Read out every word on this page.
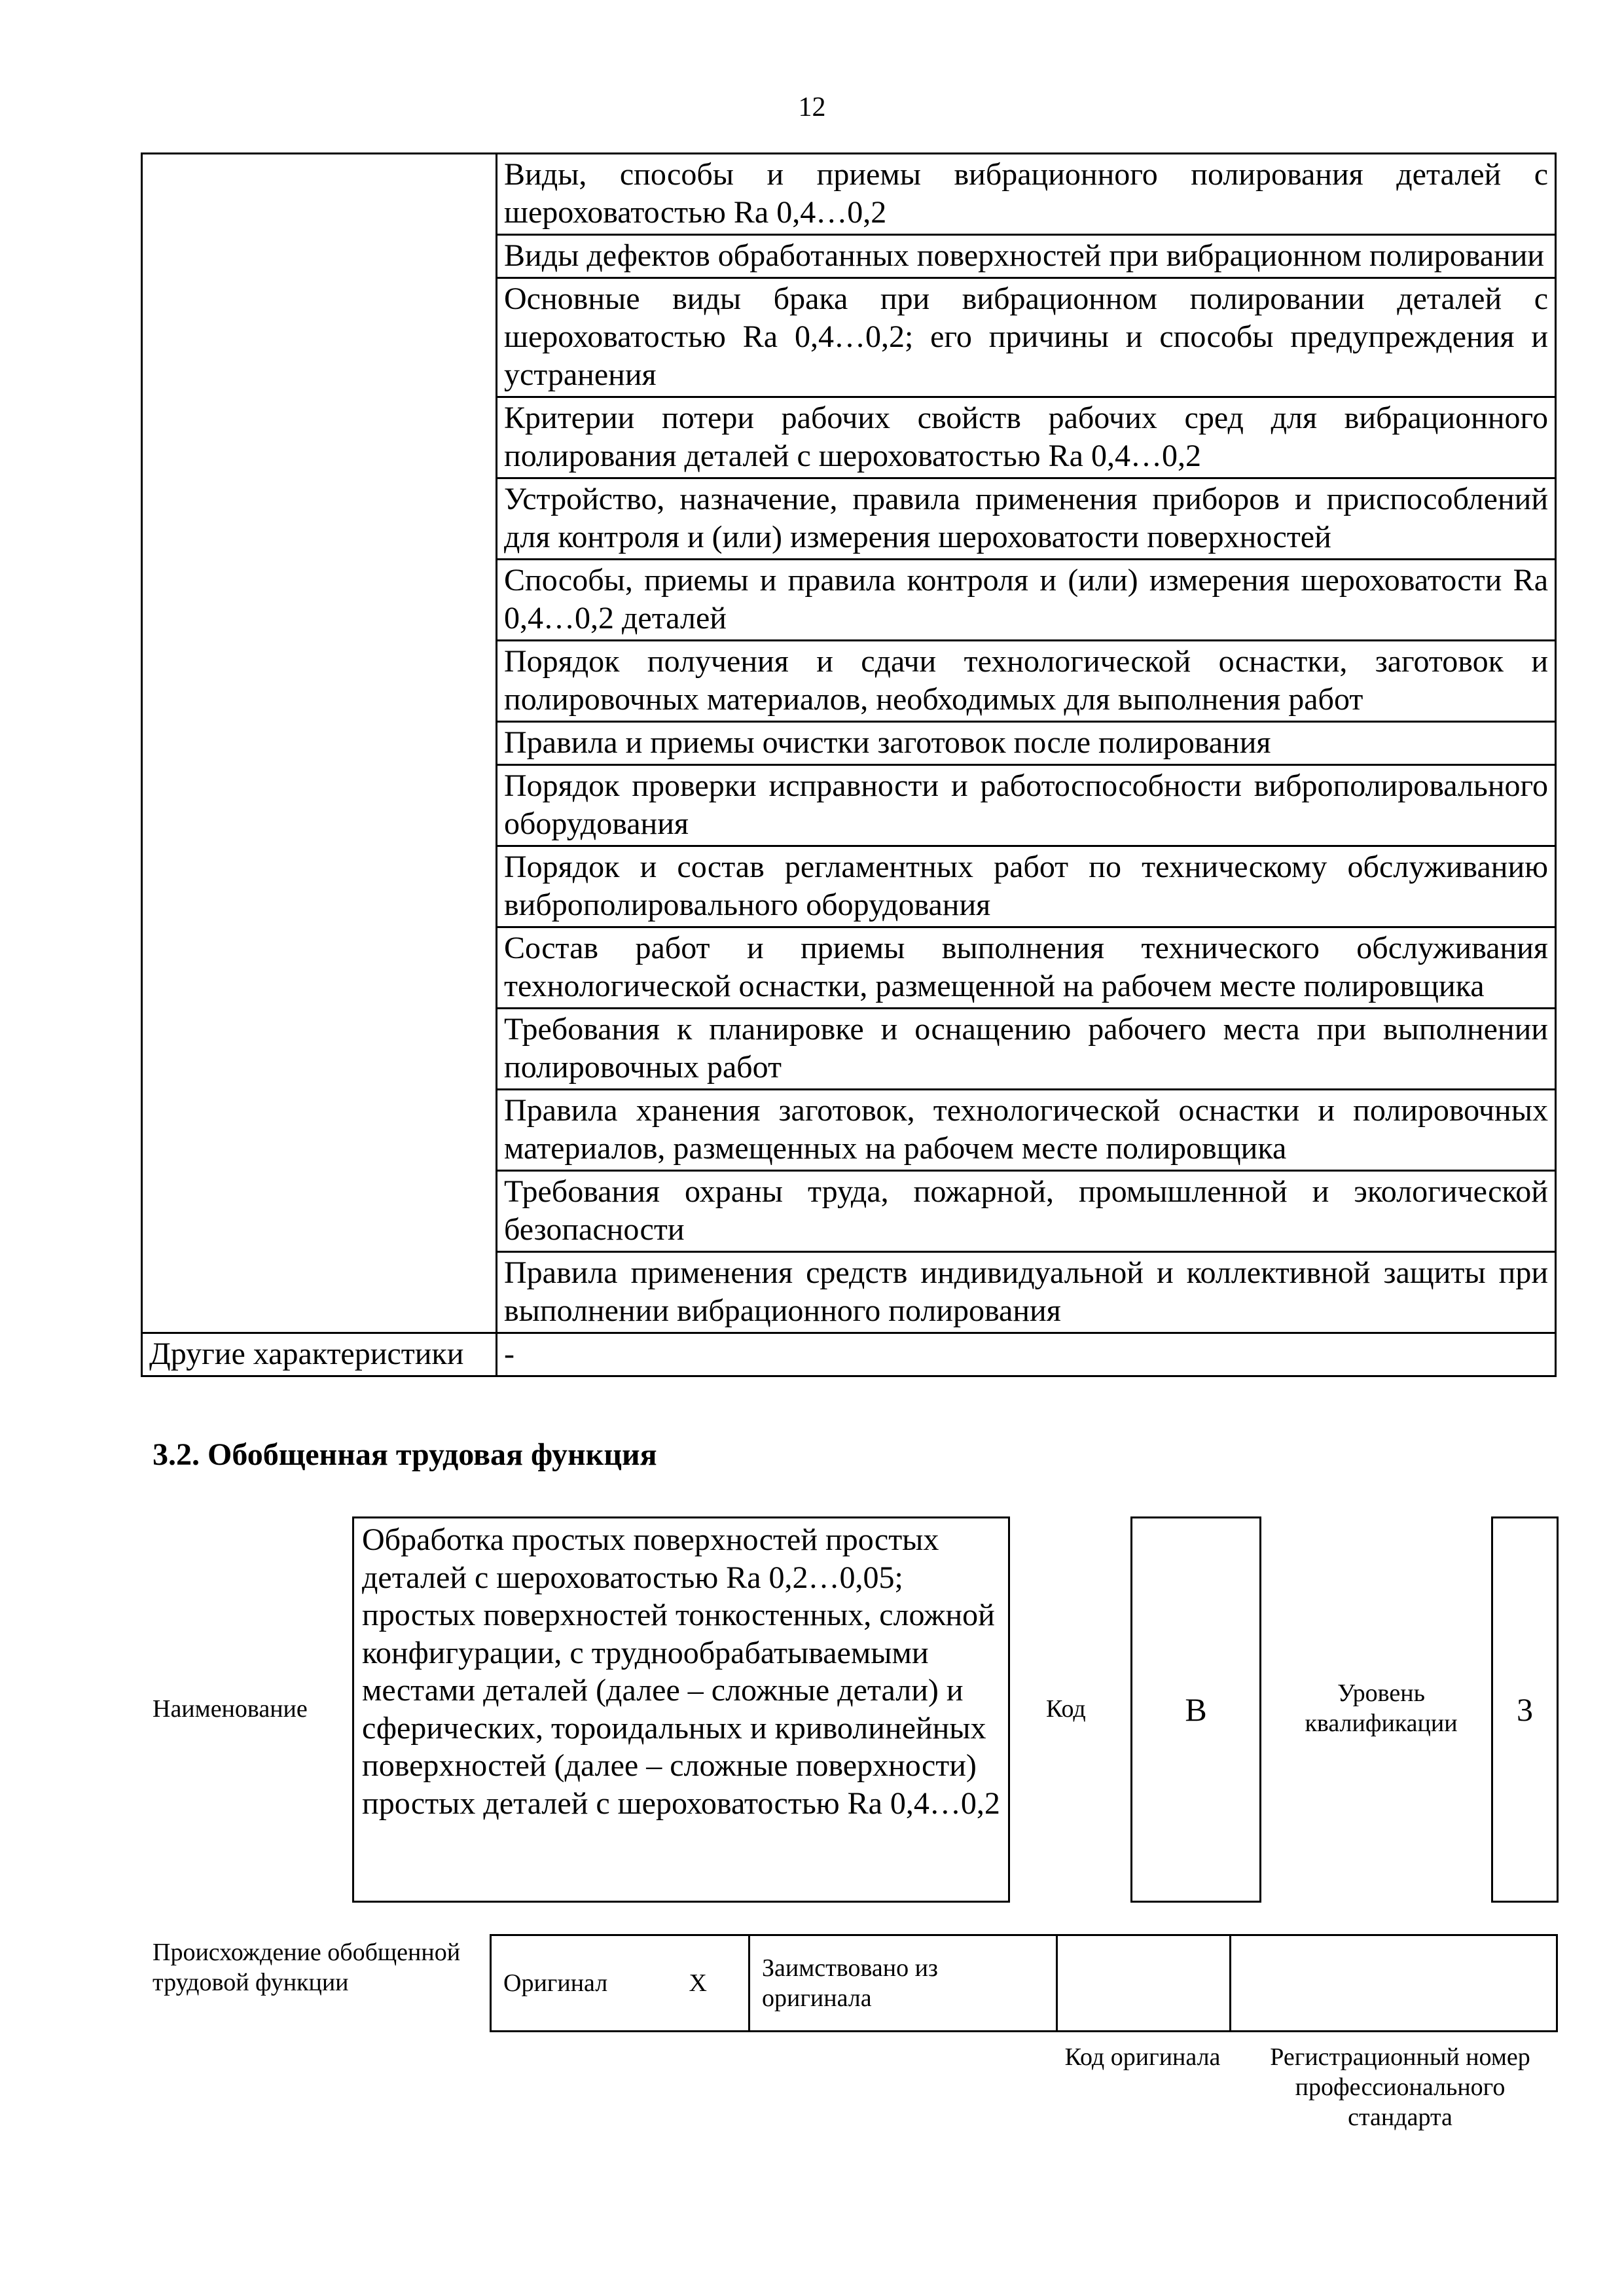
12
	Виды, способы и приемы вибрационного полирования деталей с шероховатостью Ra 0,4…0,2
	Виды дефектов обработанных поверхностей при вибрационном полировании
	Основные виды брака при вибрационном полировании деталей с шероховатостью Ra 0,4…0,2; его причины и способы предупреждения и устранения
	Критерии потери рабочих свойств рабочих сред для вибрационного полирования деталей с шероховатостью Ra 0,4…0,2
	Устройство, назначение, правила применения приборов и приспособлений для контроля и (или) измерения шероховатости поверхностей
	Способы, приемы и правила контроля и (или) измерения шероховатости Ra 0,4…0,2 деталей
	Порядок получения и сдачи технологической оснастки, заготовок и полировочных материалов, необходимых для выполнения работ
	Правила и приемы очистки заготовок после полирования
	Порядок проверки исправности и работоспособности виброполировального оборудования
	Порядок и состав регламентных работ по техническому обслуживанию виброполировального оборудования
	Состав работ и приемы выполнения технического обслуживания технологической оснастки, размещенной на рабочем месте полировщика
	Требования к планировке и оснащению рабочего места при выполнении полировочных работ
	Правила хранения заготовок, технологической оснастки и полировочных материалов, размещенных на рабочем месте полировщика
	Требования охраны труда, пожарной, промышленной и экологической безопасности
	Правила применения средств индивидуальной и коллективной защиты при выполнении вибрационного полирования
Другие характеристики	-
3.2. Обобщенная трудовая функция
Наименование
Обработка простых поверхностей простых деталей с шероховатостью Ra 0,2…0,05; простых поверхностей тонкостенных, сложной конфигурации, с труднообрабатываемыми местами деталей (далее – сложные детали) и сферических, тороидальных и криволинейных поверхностей (далее – сложные поверхности) простых деталей с шероховатостью Ra 0,4…0,2
Код	B	Уровень квалификации	3
Происхождение обобщенной трудовой функции	Оригинал	X	Заимствовано из оригинала		
Код оригинала	Регистрационный номер профессионального стандарта
